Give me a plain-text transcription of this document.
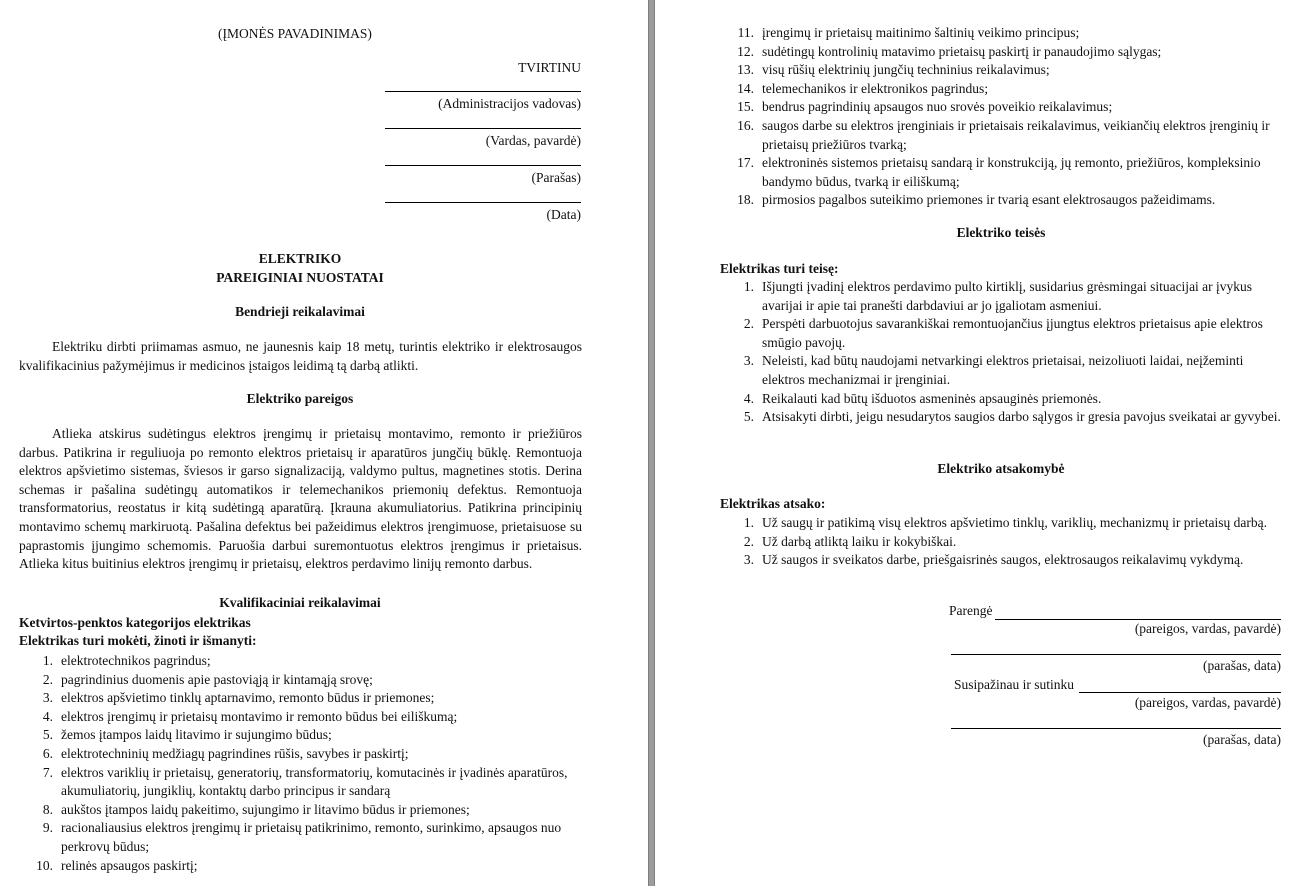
(ĮMONĖS PAVADINIMAS)
TVIRTINU
(Administracijos vadovas)
(Vardas, pavardė)
(Parašas)
(Data)
ELEKTRIKO
PAREIGINIAI NUOSTATAI
Bendrieji reikalavimai
Elektriku dirbti priimamas asmuo, ne jaunesnis kaip 18 metų, turintis elektriko ir elektrosaugos kvalifikacinius pažymėjimus ir medicinos įstaigos leidimą tą darbą atlikti.
Elektriko pareigos
Atlieka atskirus sudėtingus elektros įrengimų ir prietaisų montavimo, remonto ir priežiūros darbus. Patikrina ir reguliuoja po remonto elektros prietaisų ir aparatūros jungčių būklę. Remontuoja elektros apšvietimo sistemas, šviesos ir garso signalizaciją, valdymo pultus, magnetines stotis. Derina schemas ir pašalina sudėtingų automatikos ir telemechanikos priemonių defektus. Remontuoja transformatorius, reostatus ir kitą sudėtingą aparatūrą. Įkrauna akumuliatorius. Patikrina principinių montavimo schemų markiruotą. Pašalina defektus bei pažeidimus elektros įrengimuose, prietaisuose su paprastomis įjungimo schemomis. Paruošia darbui suremontuotus elektros įrengimus ir prietaisus. Atlieka kitus buitinius elektros įrengimų ir prietaisų, elektros perdavimo linijų remonto darbus.
Kvalifikaciniai reikalavimai
Ketvirtos-penktos kategorijos elektrikas
Elektrikas turi mokėti, žinoti ir išmanyti:
1. elektrotechnikos pagrindus;
2. pagrindinius duomenis apie pastoviąją ir kintamąją srovę;
3. elektros apšvietimo tinklų aptarnavimo, remonto būdus ir priemones;
4. elektros įrengimų ir prietaisų montavimo ir remonto būdus bei eiliškumą;
5. žemos įtampos laidų litavimo ir sujungimo būdus;
6. elektrotechninių medžiagų pagrindines rūšis, savybes ir paskirtį;
7. elektros variklių ir prietaisų, generatorių, transformatorių, komutacinės ir įvadinės aparatūros, akumuliatorių, jungiklių, kontaktų darbo principus ir sandarą
8. aukštos įtampos laidų pakeitimo, sujungimo ir litavimo būdus ir priemones;
9. racionaliausius elektros įrengimų ir prietaisų patikrinimo, remonto, surinkimo, apsaugos nuo perkrovų būdus;
10. relinės apsaugos paskirtį;
11. įrengimų ir prietaisų maitinimo šaltinių veikimo principus;
12. sudėtingų kontrolinių matavimo prietaisų paskirtį ir panaudojimo sąlygas;
13. visų rūšių elektrinių jungčių techninius reikalavimus;
14. telemechanikos ir elektronikos pagrindus;
15. bendrus pagrindinių apsaugos nuo srovės poveikio reikalavimus;
16. saugos darbe su elektros įrenginiais ir prietaisais reikalavimus, veikiančių elektros įrenginių ir prietaisų priežiūros tvarką;
17. elektroninės sistemos prietaisų sandarą ir konstrukciją, jų remonto, priežiūros, kompleksinio bandymo būdus, tvarką ir eiliškumą;
18. pirmosios pagalbos suteikimo priemones ir tvarią esant elektrosaugos pažeidimams.
Elektriko teisės
Elektrikas turi teisę:
1. Išjungti įvadinį elektros perdavimo pulto kirtiklį, susidarius grėsmingai situacijai ar įvykus avarijai ir apie tai pranešti darbdaviui ar jo įgaliotam asmeniui.
2. Perspėti darbuotojus savarankiškai remontuojančius įjungtus elektros prietaisus apie elektros smūgio pavojų.
3. Neleisti, kad būtų naudojami netvarkingi elektros prietaisai, neizoliuoti laidai, neįžeminti elektros mechanizmai ir įrenginiai.
4. Reikalauti kad būtų išduotos asmeninės apsauginės priemonės.
5. Atsisakyti dirbti, jeigu nesudarytos saugios darbo sąlygos ir gresia pavojus sveikatai ar gyvybei.
Elektriko atsakomybė
Elektrikas atsako:
1. Už saugų ir patikimą visų elektros apšvietimo tinklų, variklių, mechanizmų ir prietaisų darbą.
2. Už darbą atliktą laiku ir kokybiškai.
3. Už saugos ir sveikatos darbe, priešgaisrinės saugos, elektrosaugos reikalavimų vykdymą.
Parengė
(pareigos, vardas, pavardė)
(parašas, data)
Susipažinau ir sutinku
(pareigos, vardas, pavardė)
(parašas, data)
